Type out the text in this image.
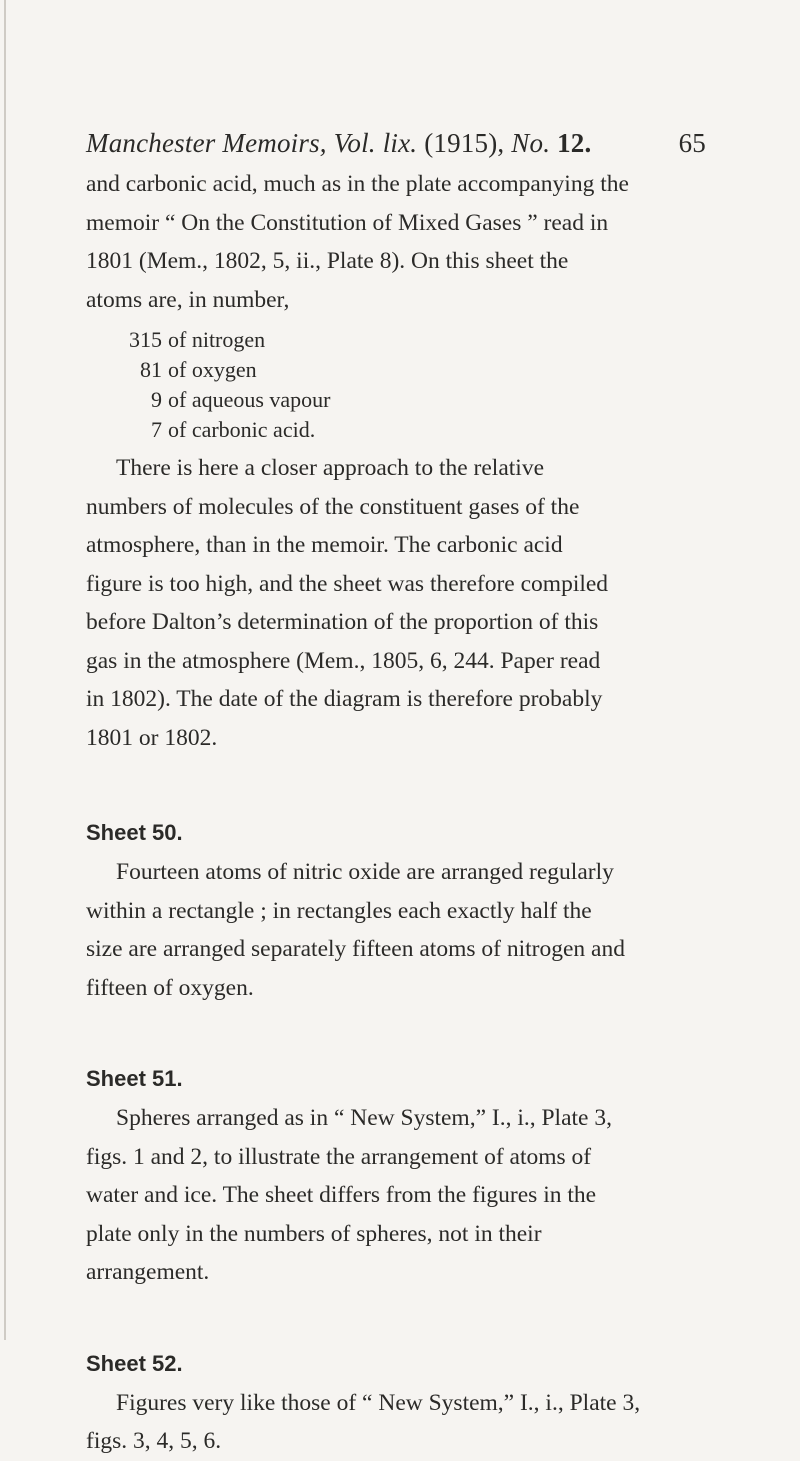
Manchester Memoirs, Vol. lix. (1915), No. 12.	65

and carbonic acid, much as in the plate accompanying the

memoir “ On the Constitution of Mixed Gases ” read in

1801 (Mem., 1802, 5, ii., Plate 8). On this sheet the

atoms are, in number,

315 of nitrogen
81 of oxygen
9 of aqueous vapour
7 of carbonic acid.

There is here a closer approach to the relative

numbers of molecules of the constituent gases of the

atmosphere, than in the memoir. The carbonic acid

figure is too high, and the sheet was therefore compiled

before Dalton’s determination of the proportion of this

gas in the atmosphere (Mem., 1805, 6, 244. Paper read

in 1802). The date of the diagram is therefore probably

1801 or 1802.

Sheet 50.

Fourteen atoms of nitric oxide are arranged regularly

within a rectangle ; in rectangles each exactly half the

size are arranged separately fifteen atoms of nitrogen and

fifteen of oxygen.

Sheet 51.

Spheres arranged as in “ New System,” I., i., Plate 3,

figs. 1 and 2, to illustrate the arrangement of atoms of

water and ice. The sheet differs from the figures in the

plate only in the numbers of spheres, not in their

arrangement.

Sheet 52.

Figures very like those of “ New System,” I., i., Plate 3,

figs. 3, 4, 5, 6.
